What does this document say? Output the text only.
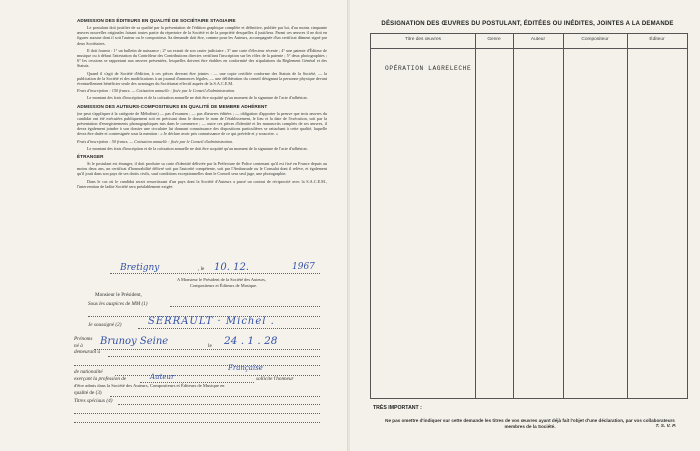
ADMISSION DES ÉDITEURS EN QUALITÉ DE SOCIÉTAIRE STAGIAIRE

Le postulant doit justifier de sa qualité par la présentation de l'édition graphique complète et définitive, publiée par lui, d'au moins cinquante œuvres nouvelles originales faisant toutes partie du répertoire de la Société et de la propriété desquelles il justifiera. Parmi ces œuvres il ne doit en figurer aucune dont il soit l'auteur ou le compositeur. Sa demande doit être, comme pour les Auteurs, accompagnée d'un certificat dûment signé par deux Sociétaires.

Il doit fournir : 1° un bulletin de naissance ; 2° un extrait de son casier judiciaire ; 3° une carte d'électeur récente ; 4° une patente d'Éditeur de musique ou à défaut l'attestation du Contrôleur des Contributions directes certifiant l'inscription sur les rôles de la patente ; 5° deux photographies ; 6° les cessions se rapportant aux œuvres présentées, lesquelles doivent être établies en conformité des stipulations du Règlement Général et des Statuts.

Quand il s'agit de Société d'édition, à ces pièces devront être jointes : — une copie certifiée conforme des Statuts de la Société, — la publication de la Société et des modifications à un journal d'annonces légales, — une délibération du conseil désignant la personne physique devant éventuellement bénéficier seule des avantages du Sociétariat effectif auprès de la S.A.C.E.M.

Frais d'inscription : 150 francs. — Cotisation annuelle : fixée par le Conseil d'administration.

Le montant des frais d'inscription et de la cotisation annuelle ne doit être acquitté qu'au moment de la signature de l'acte d'adhésion.

ADMISSION DES AUTEURS-COMPOSITEURS EN QUALITÉ DE MEMBRE ADHÉRENT

(ne peut s'appliquer à la catégorie de Mélodiste) — pas d'examen ; — pas d'œuvres éditées ; — obligation d'apporter la preuve que trois œuvres du candidat ont été exécutées publiquement soit en précisant dans le dossier le nom de l'établissement, le lieu et la date de l'exécution, soit par la présentation d'enregistrements phonographiques mis dans le commerce ; — outre ces pièces d'identité et les manuscrits complets de ses œuvres, il devra également joindre à son dossier une circulaire lui donnant connaissance des dispositions particulières se rattachant à cette qualité, laquelle devra être datée et contresignée sous la mention : « Je déclare avoir pris connaissance de ce qui précède et y souscrire. »

Frais d'inscription : 50 francs. — Cotisation annuelle : fixée par le Conseil d'administration.

Le montant des frais d'inscription et de la cotisation annuelle ne doit être acquitté qu'au moment de la signature de l'acte d'adhésion.

ÉTRANGER

Si le postulant est étranger, il doit produire sa carte d'identité délivrée par la Préfecture de Police contenant qu'il est fixé en France depuis au moins deux ans, un certificat d'honorabilité délivré soit par l'autorité compétente, soit par l'Ambassade ou le Consulat dont il relève, et également qu'il jouit dans son pays de ses droits civils, sauf conditions exceptionnelles dont le Conseil sera seul juge, une photographie.

Dans le cas où le candidat serait ressortissant d'un pays dont la Société d'Auteurs a passé un contrat de réciprocité avec la S.A.C.E.M., l'intervention de ladite Société sera préalablement exigée.

Bretigny	, le 10. 12.	1967
A Monsieur le Président de la Société des Auteurs,
Compositeurs et Éditeurs de Musique.
Monsieur le Président,
Sous les auspices de MM (1)
Je soussigné (2)	SERRAULT · Michel .
Prénoms
né à Brunoy Seine	le 24 . 1 . 28
demeurant à
de nationalité	Française
exerçant la profession de	Auteur	sollicite l'honneur
d'être admis dans la Société des Auteurs, Compositeurs et Éditeurs de Musique en
qualité de (3)
Titres spéciaux (4)
DÉSIGNATION DES ŒUVRES DU POSTULANT, ÉDITÉES OU INÉDITES, JOINTES A LA DEMANDE
Titre des œuvres	Genre	Auteur	Compositeur	Éditeur
OPÉRATION LAGRELECHE
TRÈS IMPORTANT :
Ne pas omettre d'indiquer sur cette demande les titres de vos œuvres ayant déjà fait l'objet d'une déclaration, par vos collaborateurs membres de la Société.	T. S. V. P.
